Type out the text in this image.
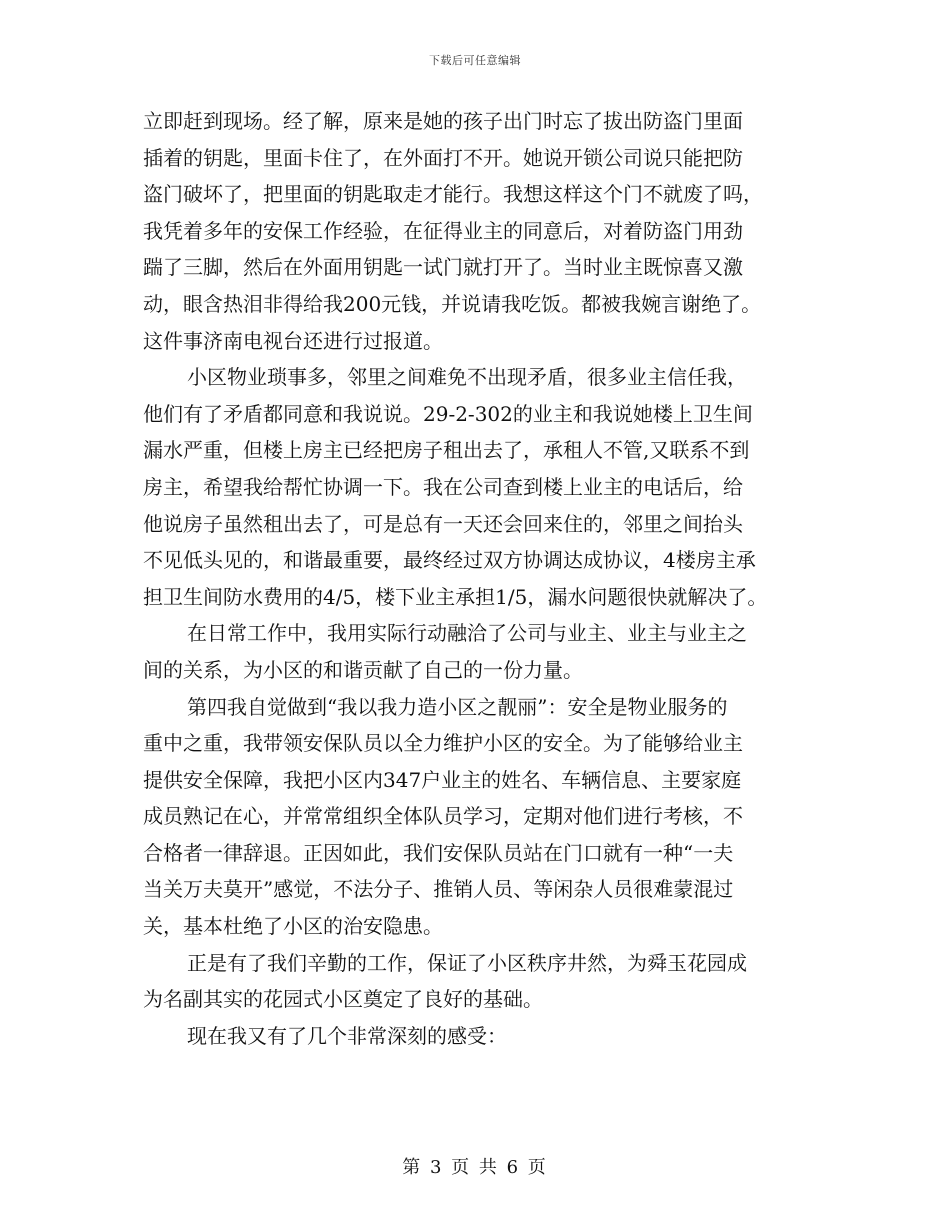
下载后可任意编辑
立即赶到现场。经了解，原来是她的孩子出门时忘了拔出防盗门里面
插着的钥匙，里面卡住了，在外面打不开。她说开锁公司说只能把防
盗门破坏了，把里面的钥匙取走才能行。我想这样这个门不就废了吗，
我凭着多年的安保工作经验，在征得业主的同意后，对着防盗门用劲
踹了三脚，然后在外面用钥匙一试门就打开了。当时业主既惊喜又激
动，眼含热泪非得给我200元钱，并说请我吃饭。都被我婉言谢绝了。
这件事济南电视台还进行过报道。
小区物业琐事多，邻里之间难免不出现矛盾，很多业主信任我，
他们有了矛盾都同意和我说说。29-2-302的业主和我说她楼上卫生间
漏水严重，但楼上房主已经把房子租出去了，承租人不管,又联系不到
房主，希望我给帮忙协调一下。我在公司查到楼上业主的电话后，给
他说房子虽然租出去了，可是总有一天还会回来住的，邻里之间抬头
不见低头见的，和谐最重要，最终经过双方协调达成协议，4楼房主承
担卫生间防水费用的4/5，楼下业主承担1/5，漏水问题很快就解决了。
在日常工作中，我用实际行动融洽了公司与业主、业主与业主之
间的关系，为小区的和谐贡献了自己的一份力量。
第四我自觉做到“我以我力造小区之靓丽”：安全是物业服务的
重中之重，我带领安保队员以全力维护小区的安全。为了能够给业主
提供安全保障，我把小区内347户业主的姓名、车辆信息、主要家庭
成员熟记在心，并常常组织全体队员学习，定期对他们进行考核，不
合格者一律辞退。正因如此，我们安保队员站在门口就有一种“一夫
当关万夫莫开”感觉，不法分子、推销人员、等闲杂人员很难蒙混过
关，基本杜绝了小区的治安隐患。
正是有了我们辛勤的工作，保证了小区秩序井然，为舜玉花园成
为名副其实的花园式小区奠定了良好的基础。
现在我又有了几个非常深刻的感受：
第 3 页 共 6 页
